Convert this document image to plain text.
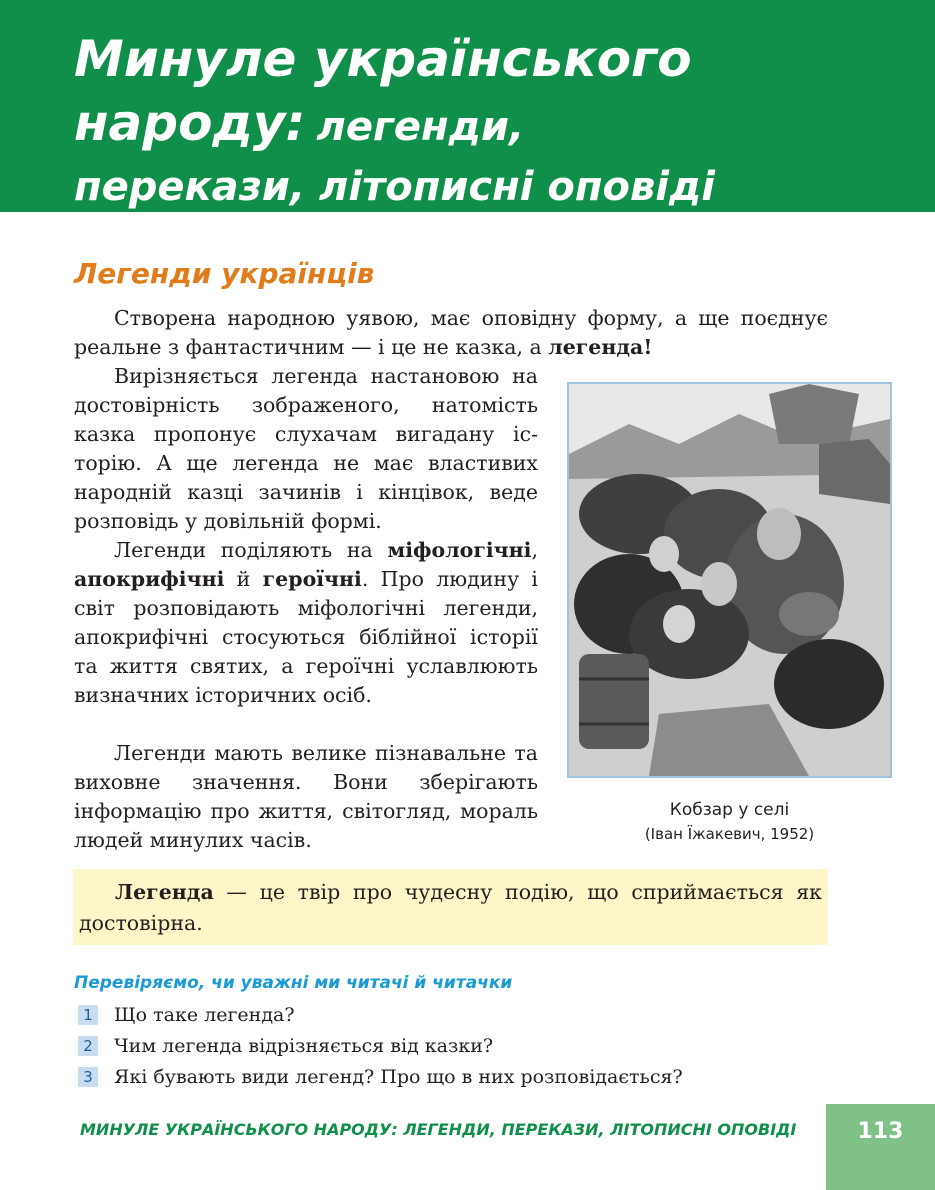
Минуле українського
народу: легенди,
перекази, літописні оповіді
Легенди українців

Створена народною уявою, має оповідну форму, а ще поєднує реальне з фантастичним — і це не казка, а легенда!

Вирізняється легенда настановою на достовірність зображеного, натомість казка пропонує слухачам вигадану історію. А ще легенда не має властивих народній казці зачинів і кінцівок, веде розповідь у довільній формі.

Легенди поділяють на міфологічні, апокрифічні й героїчні. Про людину і світ розповідають міфологічні легенди, апокрифічні стосуються біблійної історії та життя святих, а героїчні уславлюють визначних історичних осіб.

Легенди мають велике пізнавальне та виховне значення. Вони зберігають інформацію про життя, світогляд, мораль людей минулих часів.

Кобзар у селі
(Іван Їжакевич, 1952)

Легенда — це твір про чудесну подію, що сприймається як достовірна.

Перевіряємо, чи уважні ми читачі й читачки
1 Що таке легенда?
2 Чим легенда відрізняється від казки?
3 Які бувають види легенд? Про що в них розповідається?

МИНУЛЕ УКРАЇНСЬКОГО НАРОДУ: ЛЕГЕНДИ, ПЕРЕКАЗИ, ЛІТОПИСНІ ОПОВІДІ	113
